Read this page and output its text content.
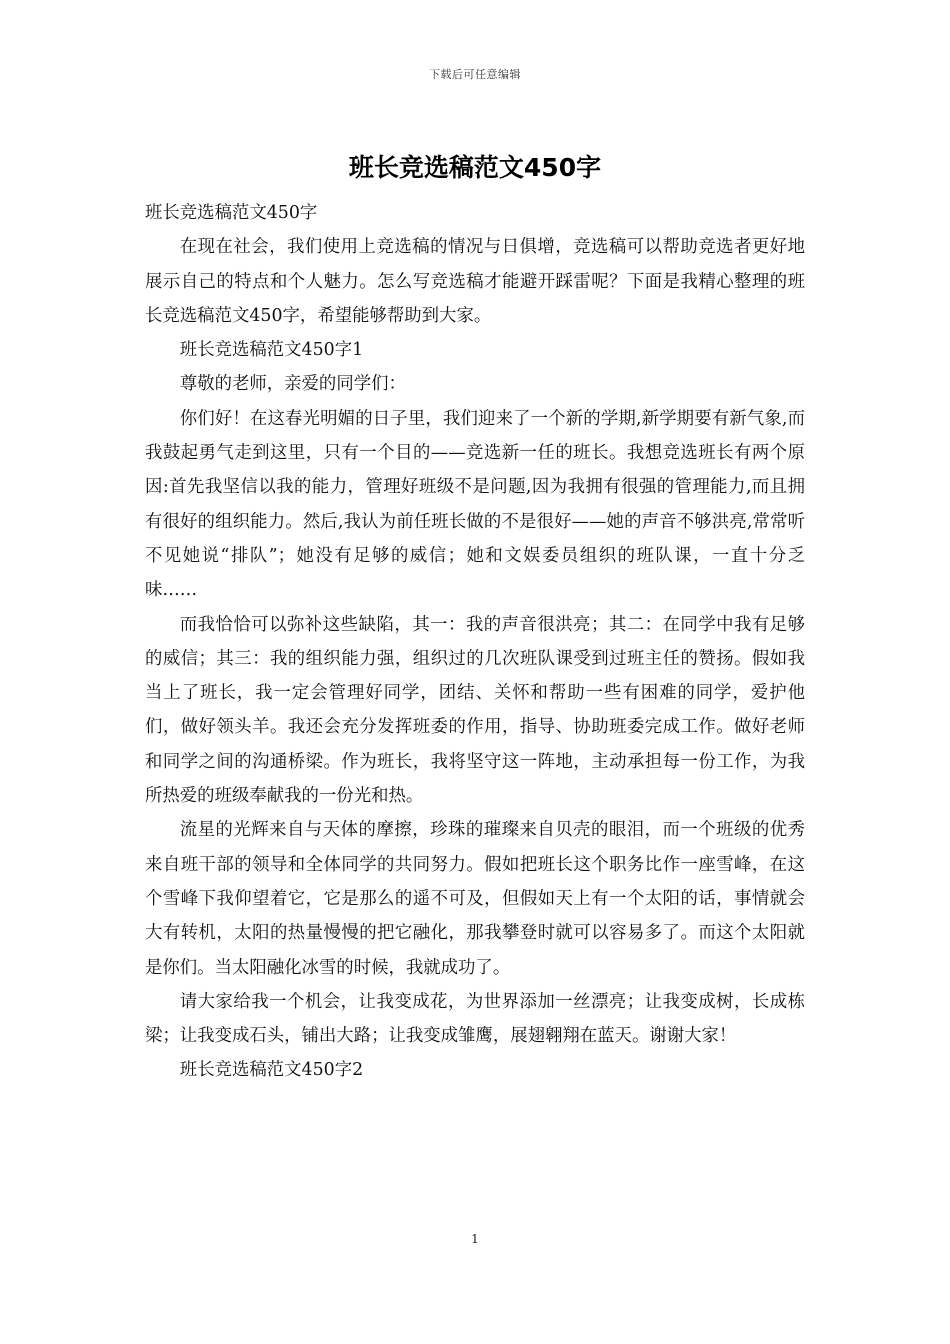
下载后可任意编辑
班长竞选稿范文450字

班长竞选稿范文450字

在现在社会，我们使用上竞选稿的情况与日俱增，竞选稿可以帮助竞选者更好地展示自己的特点和个人魅力。怎么写竞选稿才能避开踩雷呢？下面是我精心整理的班长竞选稿范文450字，希望能够帮助到大家。

班长竞选稿范文450字1

尊敬的老师，亲爱的同学们：

你们好！在这春光明媚的日子里，我们迎来了一个新的学期,新学期要有新气象,而我鼓起勇气走到这里，只有一个目的——竞选新一任的班长。我想竞选班长有两个原因:首先我坚信以我的能力，管理好班级不是问题,因为我拥有很强的管理能力,而且拥有很好的组织能力。然后,我认为前任班长做的不是很好——她的声音不够洪亮,常常听不见她说“排队”；她没有足够的威信；她和文娱委员组织的班队课，一直十分乏味……

而我恰恰可以弥补这些缺陷，其一：我的声音很洪亮；其二：在同学中我有足够的威信；其三：我的组织能力强，组织过的几次班队课受到过班主任的赞扬。假如我当上了班长，我一定会管理好同学，团结、关怀和帮助一些有困难的同学，爱护他们，做好领头羊。我还会充分发挥班委的作用，指导、协助班委完成工作。做好老师和同学之间的沟通桥梁。作为班长，我将坚守这一阵地，主动承担每一份工作，为我所热爱的班级奉献我的一份光和热。

流星的光辉来自与天体的摩擦，珍珠的璀璨来自贝壳的眼泪，而一个班级的优秀来自班干部的领导和全体同学的共同努力。假如把班长这个职务比作一座雪峰，在这个雪峰下我仰望着它，它是那么的遥不可及，但假如天上有一个太阳的话，事情就会大有转机，太阳的热量慢慢的把它融化，那我攀登时就可以容易多了。而这个太阳就是你们。当太阳融化冰雪的时候，我就成功了。

请大家给我一个机会，让我变成花，为世界添加一丝漂亮；让我变成树，长成栋梁；让我变成石头，铺出大路；让我变成雏鹰，展翅翱翔在蓝天。谢谢大家！

班长竞选稿范文450字2

1
